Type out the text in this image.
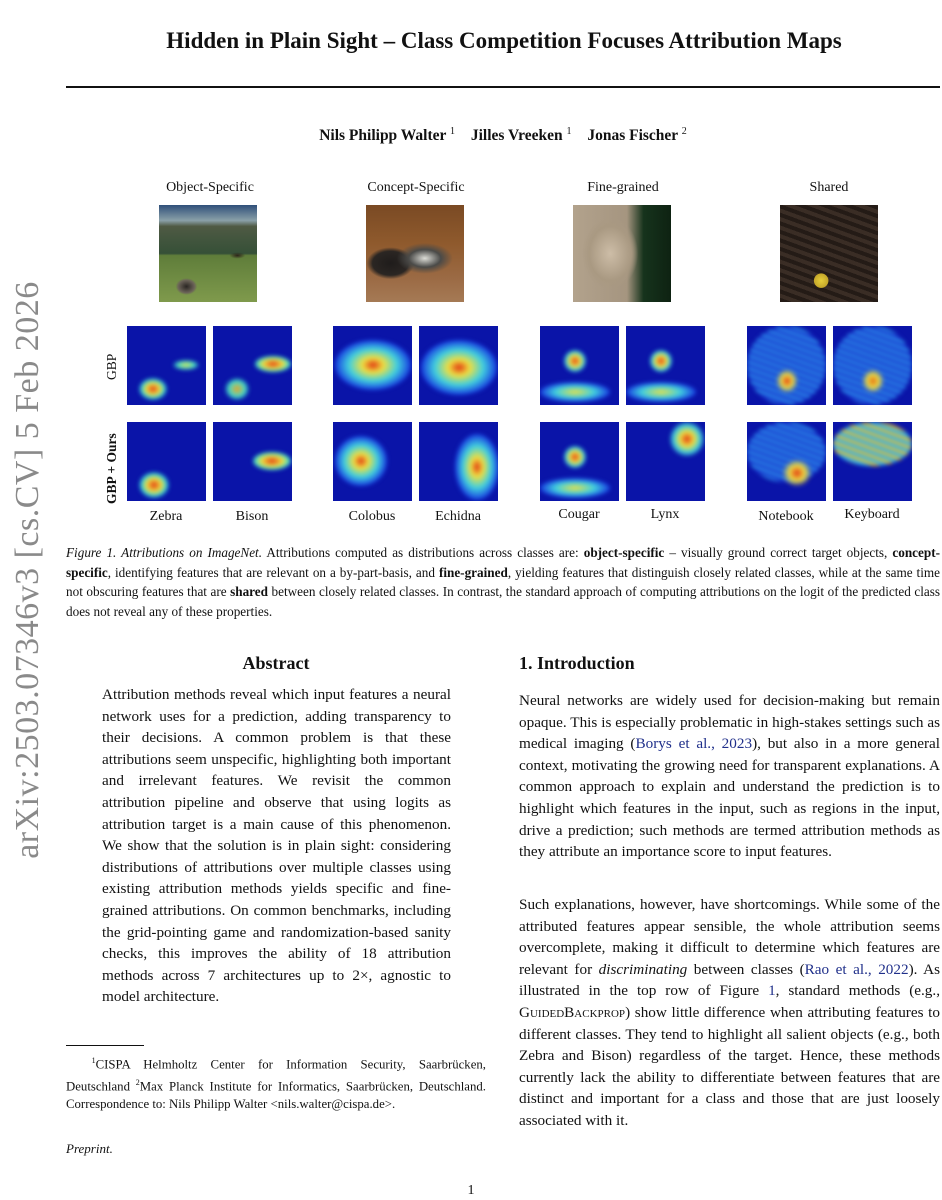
arXiv:2503.07346v3 [cs.CV] 5 Feb 2026
Hidden in Plain Sight – Class Competition Focuses Attribution Maps
Nils Philipp Walter $^1$ Jilles Vreeken $^1$ Jonas Fischer $^2$
Object-Specific	Concept-Specific	Fine-grained	Shared
GBP
GBP + Ours
Zebra	Bison	Colobus	Echidna	Cougar	Lynx	Notebook	Keyboard
Figure 1. Attributions on ImageNet. Attributions computed as distributions across classes are: object-specific – visually ground correct target objects, concept-specific, identifying features that are relevant on a by-part-basis, and fine-grained, yielding features that distinguish closely related classes, while at the same time not obscuring features that are shared between closely related classes. In contrast, the standard approach of computing attributions on the logit of the predicted class does not reveal any of these properties.
Abstract
Attribution methods reveal which input features a neural network uses for a prediction, adding transparency to their decisions. A common problem is that these attributions seem unspecific, highlighting both important and irrelevant features. We revisit the common attribution pipeline and observe that using logits as attribution target is a main cause of this phenomenon. We show that the solution is in plain sight: considering distributions of attributions over multiple classes using existing attribution methods yields specific and fine-grained attributions. On common benchmarks, including the grid-pointing game and randomization-based sanity checks, this improves the ability of 18 attribution methods across 7 architectures up to 2×, agnostic to model architecture.
  $^1$CISPA Helmholtz Center for Information Security, Saarbrücken, Deutschland $^2$Max Planck Institute for Informatics, Saarbrücken, Deutschland. Correspondence to: Nils Philipp Walter <nils.walter@cispa.de>.
Preprint.
1. Introduction
Neural networks are widely used for decision-making but remain opaque. This is especially problematic in high-stakes settings such as medical imaging (Borys et al., 2023), but also in a more general context, motivating the growing need for transparent explanations. A common approach to explain and understand the prediction is to highlight which features in the input, such as regions in the input, drive a prediction; such methods are termed attribution methods as they attribute an importance score to input features.
Such explanations, however, have shortcomings. While some of the attributed features appear sensible, the whole attribution seems overcomplete, making it difficult to determine which features are relevant for discriminating between classes (Rao et al., 2022). As illustrated in the top row of Figure 1, standard methods (e.g., GuidedBackprop) show little difference when attributing features to different classes. They tend to highlight all salient objects (e.g., both Zebra and Bison) regardless of the target. Hence, these methods currently lack the ability to differentiate between features that are distinct and important for a class and those that are just loosely associated with it.
1
